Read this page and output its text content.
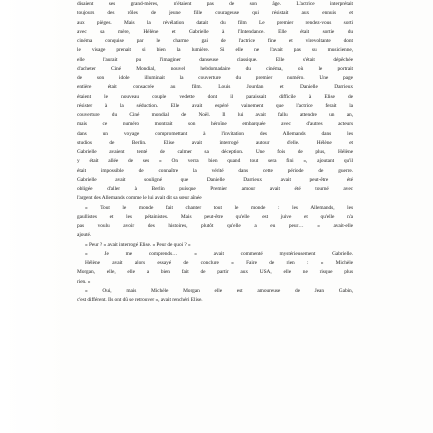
disaient ses grand-mères, n'étaient pas de son âge. L'actrice interprétait
toujours des rôles de jeune fille courageuse qui résistait aux ennuis et
aux pièges. Mais la révélation datait du film Le premier rendez-vous sorti
avec sa mère, Hélène et Gabrielle à l'Intendance. Elle était sortie du
cinéma conquise par le charme gai de l'actrice fine et virevoltante dont
le visage prenait si bien la lumière. Si elle ne l'avait pas su musicienne,
elle l'aurait pu l'imaginer danseuse classique. Elle s'était dépêchée
d'acheter Ciné Mondial, nouvel hebdomadaire du cinéma, où le portrait
de son idole illuminait la couverture du premier numéro. Une page
entière était consacrée au film. Louis Jourdan et Danielle Darrieux
étaient le nouveau couple vedette dont il paraissait difficile à Elise de
résister à la séduction. Elle avait espéré vainement que l'actrice ferait la
couverture du Ciné mondial de Noël. Il lui avait fallu attendre un an,
mais ce numéro montrait son héroïne embarquée avec d'autres acteurs
dans un voyage compromettant à l'invitation des Allemands dans les
studios de Berlin. Elise avait interrogé autour d'elle. Hélène et
Gabrielle avaient tenté de calmer sa déception. Une fois de plus, Hélène
y était allée de ses « On verra bien quand tout sera fini », ajoutant qu'il
était impossible de connaître la vérité dans cette période de guerre.
Gabrielle avait souligné que Danielle Darrieux avait peut-être été
obligée d'aller à Berlin puisque Premier amour avait été tourné avec
l'argent des Allemands comme le lui avait dit sa sœur aînée
« Tout le monde fait chanter tout le monde : les Allemands, les
gaullistes et les pétainistes. Mais peut-être qu'elle est juive et qu'elle n'a
pas voulu avoir des histoires, plutôt qu'elle a eu peur… » avait-elle
ajouté.
« Peur ? » avait interrogé Elise. « Peur de quoi ? »
« Je me comprends… » avait commenté mystérieusement Gabrielle.
Hélène avait alors essayé de conclure « Faire de rien : « Michèle
Morgan, elle, elle a bien fait de partir aux USA, elle ne risque plus
rien. »
« Oui, mais Michèle Morgan elle est amoureuse de Jean Gabin,
c'est différent. Ils ont dû se retrouver », avait renchéri Elise.
